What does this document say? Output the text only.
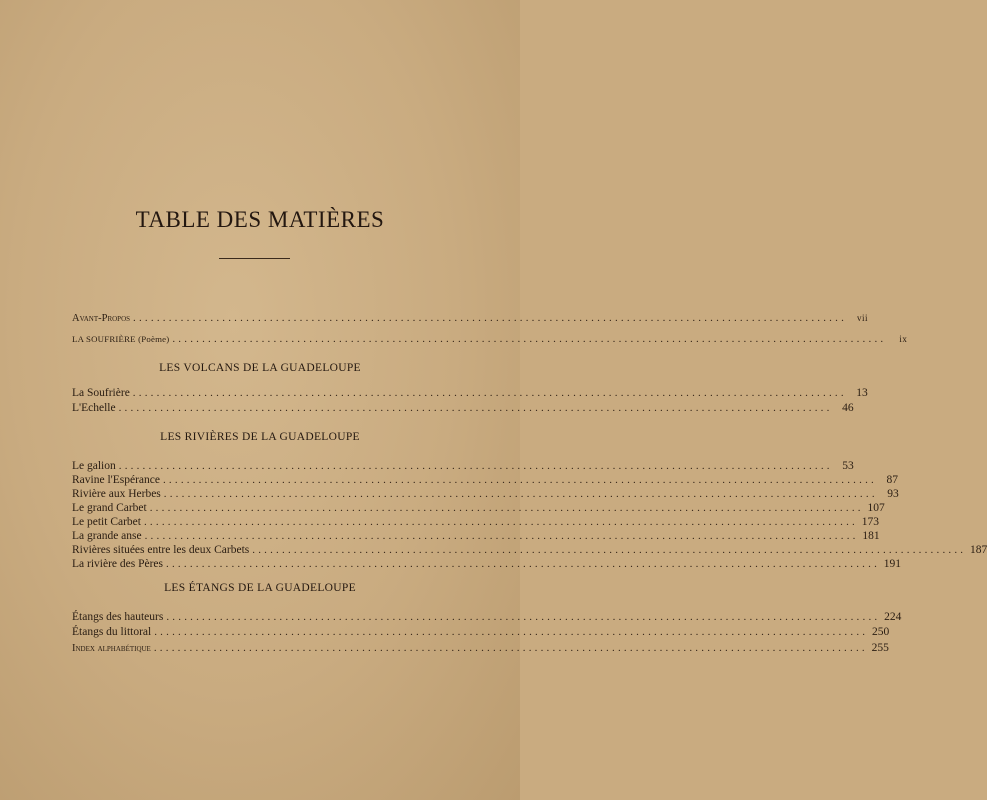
TABLE DES MATIÈRES
Avant-Propos ........................................................................................................................	vii
LA SOUFRIÈRE (Poème) ........................................................................................................................	ix
LES VOLCANS DE LA GUADELOUPE
La Soufrière ........................................................................................................................ 13
L'Echelle ........................................................................................................................ 46
LES RIVIÈRES DE LA GUADELOUPE
Le galion ........................................................................................................................ 53
Ravine l'Espérance ........................................................................................................................ 87
Rivière aux Herbes ........................................................................................................................ 93
Le grand Carbet ........................................................................................................................ 107
Le petit Carbet ........................................................................................................................ 173
La grande anse ........................................................................................................................ 181
Rivières situées entre les deux Carbets ........................................................................................................................ 187
La rivière des Pères ........................................................................................................................ 191
LES ÉTANGS DE LA GUADELOUPE
Étangs des hauteurs ........................................................................................................................ 224
Étangs du littoral ........................................................................................................................ 250
Index alphabétique ........................................................................................................................ 255
